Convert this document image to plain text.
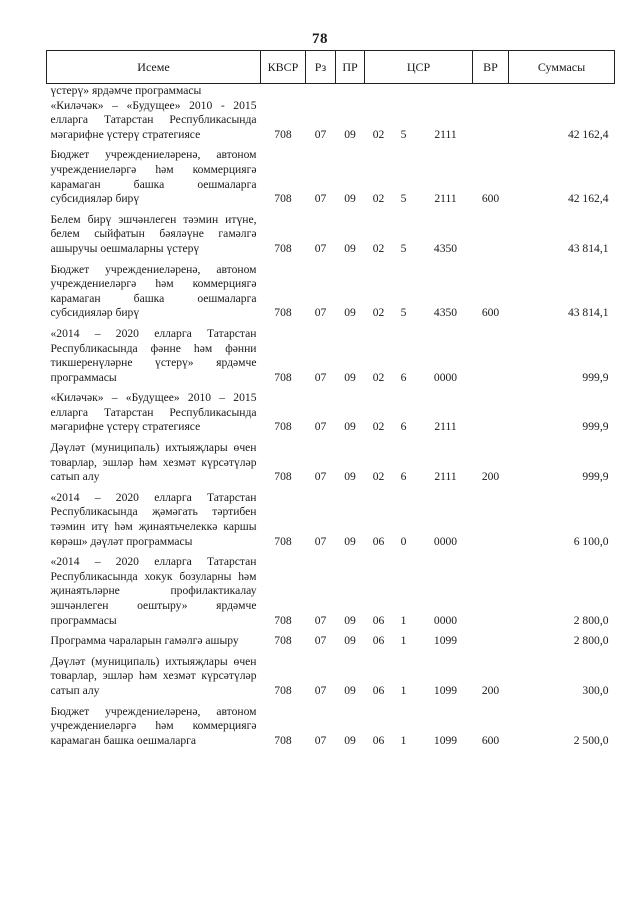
78
Исеме	КВСР	Рз	ПР	ЦСР			ВР	Суммасы
үстерү» ярдәмче программасы								
«Киләчәк» – «Будущее» 2010 - 2015 елларга Татарстан Республикасында мәгарифне үстерү стратегиясе	708	07	09	02	5	2111		42 162,4
Бюджет учреждениеләренә, автоном учреждениеләргә һәм коммерциягә карамаган башка оешмаларга субсидияләр бирү	708	07	09	02	5	2111	600	42 162,4
Белем бирү эшчәнлеген тәэмин итүне, белем сыйфатын бәяләүне гамәлгә ашыручы оешмаларны үстерү	708	07	09	02	5	4350		43 814,1
Бюджет учреждениеләренә, автоном учреждениеләргә һәм коммерциягә карамаган башка оешмаларга субсидияләр бирү	708	07	09	02	5	4350	600	43 814,1
«2014 – 2020 елларга Татарстан Республикасында фәнне һәм фәнни тикшеренүләрне үстерү» ярдәмче программасы	708	07	09	02	6	0000		999,9
«Киләчәк» – «Будущее» 2010 – 2015 елларга Татарстан Республикасында мәгарифне үстерү стратегиясе	708	07	09	02	6	2111		999,9
Дәүләт (муниципаль) ихтыяҗлары өчен товарлар, эшләр һәм хезмәт күрсәтүләр сатып алу	708	07	09	02	6	2111	200	999,9
«2014 – 2020 елларга Татарстан Республикасында җәмәгать тәртибен тәэмин итү һәм җинаятьчелеккә каршы көрәш» дәүләт программасы	708	07	09	06	0	0000		6 100,0
«2014 – 2020 елларга Татарстан Республикасында хокук бозуларны һәм җинаятьләрне профилактикалау эшчәнлеген оештыру» ярдәмче программасы	708	07	09	06	1	0000		2 800,0
Программа чараларын гамәлгә ашыру	708	07	09	06	1	1099		2 800,0
Дәүләт (муниципаль) ихтыяҗлары өчен товарлар, эшләр һәм хезмәт күрсәтүләр сатып алу	708	07	09	06	1	1099	200	300,0
Бюджет учреждениеләренә, автоном учреждениеләргә һәм коммерциягә карамаган башка оешмаларга	708	07	09	06	1	1099	600	2 500,0
